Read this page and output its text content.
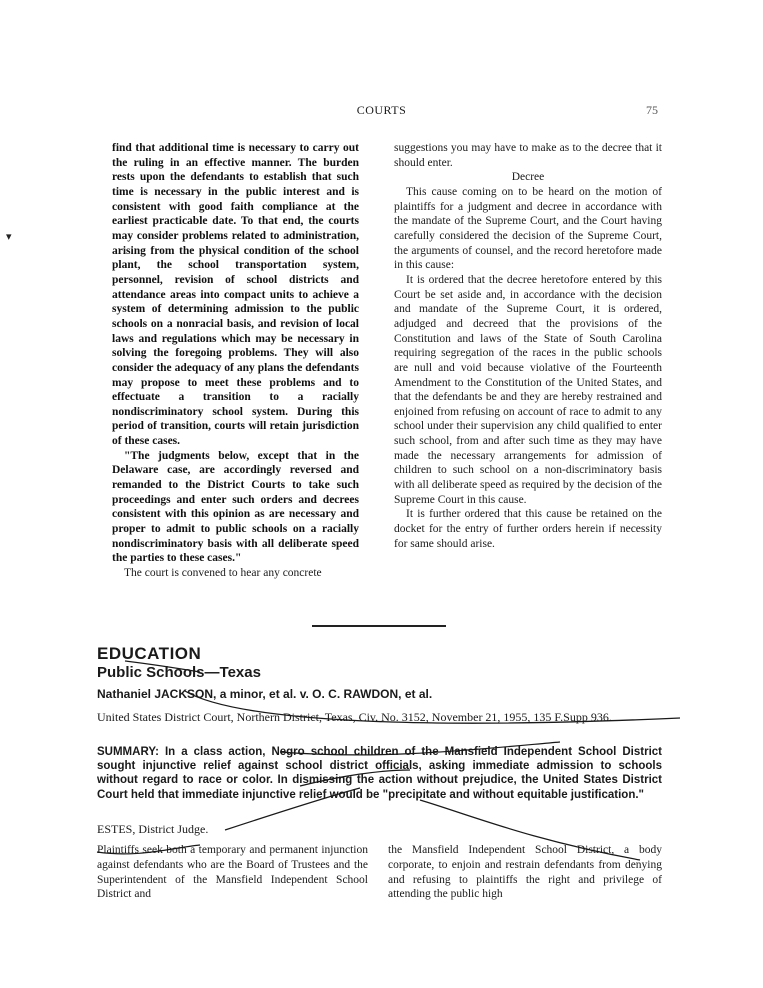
COURTS	75

find that additional time is necessary to carry out the ruling in an effective manner. The burden rests upon the defendants to establish that such time is necessary in the public interest and is consistent with good faith compliance at the earliest practicable date. To that end, the courts may consider problems related to administration, arising from the physical condition of the school plant, the school transportation system, personnel, revision of school districts and attendance areas into compact units to achieve a system of determining admission to the public schools on a nonracial basis, and revision of local laws and regulations which may be necessary in solving the foregoing problems. They will also consider the adequacy of any plans the defendants may propose to meet these problems and to effectuate a transition to a racially nondiscriminatory school system. During this period of transition, courts will retain jurisdiction of these cases.

"The judgments below, except that in the Delaware case, are accordingly reversed and remanded to the District Courts to take such proceedings and enter such orders and decrees consistent with this opinion as are necessary and proper to admit to public schools on a racially nondiscriminatory basis with all deliberate speed the parties to these cases."

The court is convened to hear any concrete

suggestions you may have to make as to the decree that it should enter.

Decree

This cause coming on to be heard on the motion of plaintiffs for a judgment and decree in accordance with the mandate of the Supreme Court, and the Court having carefully considered the decision of the Supreme Court, the arguments of counsel, and the record heretofore made in this cause:

It is ordered that the decree heretofore entered by this Court be set aside and, in accordance with the decision and mandate of the Supreme Court, it is ordered, adjudged and decreed that the provisions of the Constitution and laws of the State of South Carolina requiring segregation of the races in the public schools are null and void because violative of the Fourteenth Amendment to the Constitution of the United States, and that the defendants be and they are hereby restrained and enjoined from refusing on account of race to admit to any school under their supervision any child qualified to enter such school, from and after such time as they may have made the necessary arrangements for admission of children to such school on a non-discriminatory basis with all deliberate speed as required by the decision of the Supreme Court in this cause.

It is further ordered that this cause be retained on the docket for the entry of further orders herein if necessity for same should arise.

EDUCATION
Public Schools—Texas
Nathaniel JACKSON, a minor, et al. v. O. C. RAWDON, et al.
United States District Court, Northern District, Texas, Civ. No. 3152, November 21, 1955, 135 F.Supp 936.
SUMMARY: In a class action, Negro school children of the Mansfield Independent School District sought injunctive relief against school district officials, asking immediate admission to schools without regard to race or color. In dismissing the action without prejudice, the United States District Court held that immediate injunctive relief would be "precipitate and without equitable justification."
ESTES, District Judge.

Plaintiffs seek both a temporary and permanent injunction against defendants who are the Board of Trustees and the Superintendent of the Mansfield Independent School District and

the Mansfield Independent School District, a body corporate, to enjoin and restrain defendants from denying and refusing to plaintiffs the right and privilege of attending the public high

▾
